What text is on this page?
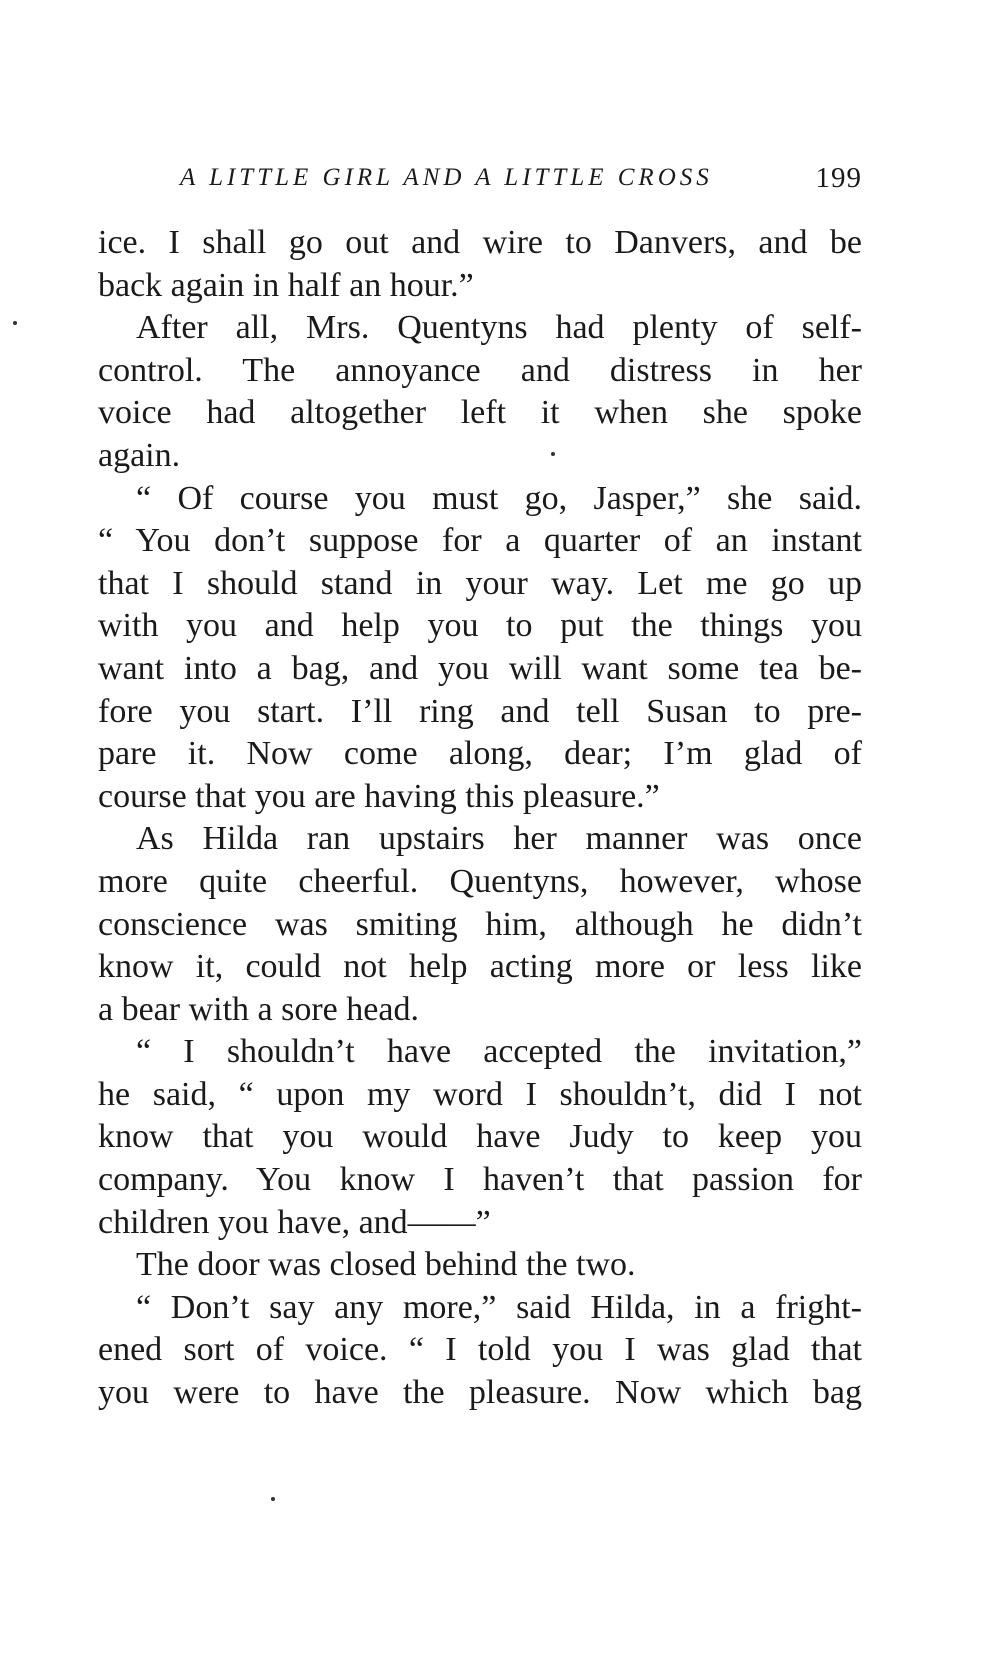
A LITTLE GIRL AND A LITTLE CROSS	199
ice. I shall go out and wire to Danvers, and be
back again in half an hour.”
After all, Mrs. Quentyns had plenty of self-
control. The annoyance and distress in her
voice had altogether left it when she spoke
again.
“ Of course you must go, Jasper,” she said.
“ You don’t suppose for a quarter of an instant
that I should stand in your way. Let me go up
with you and help you to put the things you
want into a bag, and you will want some tea be-
fore you start. I’ll ring and tell Susan to pre-
pare it. Now come along, dear; I’m glad of
course that you are having this pleasure.”
As Hilda ran upstairs her manner was once
more quite cheerful. Quentyns, however, whose
conscience was smiting him, although he didn’t
know it, could not help acting more or less like
a bear with a sore head.
“ I shouldn’t have accepted the invitation,”
he said, “ upon my word I shouldn’t, did I not
know that you would have Judy to keep you
company. You know I haven’t that passion for
children you have, and——”
The door was closed behind the two.
“ Don’t say any more,” said Hilda, in a fright-
ened sort of voice. “ I told you I was glad that
you were to have the pleasure. Now which bag
